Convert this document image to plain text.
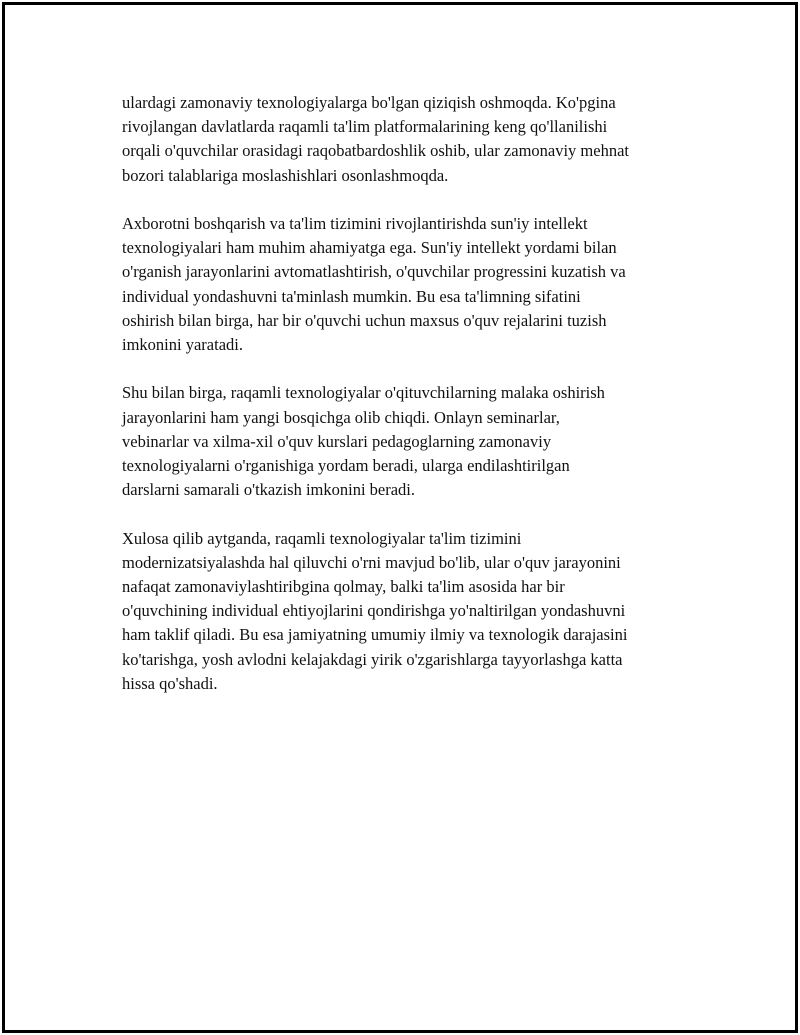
ulardagi zamonaviy texnologiyalarga bo'lgan qiziqish oshmoqda. Ko'pgina
rivojlangan davlatlarda raqamli ta'lim platformalarining keng qo'llanilishi
orqali o'quvchilar orasidagi raqobatbardoshlik oshib, ular zamonaviy mehnat
bozori talablariga moslashishlari osonlashmoqda.

Axborotni boshqarish va ta'lim tizimini rivojlantirishda sun'iy intellekt
texnologiyalari ham muhim ahamiyatga ega. Sun'iy intellekt yordami bilan
o'rganish jarayonlarini avtomatlashtirish, o'quvchilar progressini kuzatish va
individual yondashuvni ta'minlash mumkin. Bu esa ta'limning sifatini
oshirish bilan birga, har bir o'quvchi uchun maxsus o'quv rejalarini tuzish
imkonini yaratadi.

Shu bilan birga, raqamli texnologiyalar o'qituvchilarning malaka oshirish
jarayonlarini ham yangi bosqichga olib chiqdi. Onlayn seminarlar,
vebinarlar va xilma-xil o'quv kurslari pedagoglarning zamonaviy
texnologiyalarni o'rganishiga yordam beradi, ularga endilashtirilgan
darslarni samarali o'tkazish imkonini beradi.

Xulosa qilib aytganda, raqamli texnologiyalar ta'lim tizimini
modernizatsiyalashda hal qiluvchi o'rni mavjud bo'lib, ular o'quv jarayonini
nafaqat zamonaviylashtiribgina qolmay, balki ta'lim asosida har bir
o'quvchining individual ehtiyojlarini qondirishga yo'naltirilgan yondashuvni
ham taklif qiladi. Bu esa jamiyatning umumiy ilmiy va texnologik darajasini
ko'tarishga, yosh avlodni kelajakdagi yirik o'zgarishlarga tayyorlashga katta
hissa qo'shadi.
